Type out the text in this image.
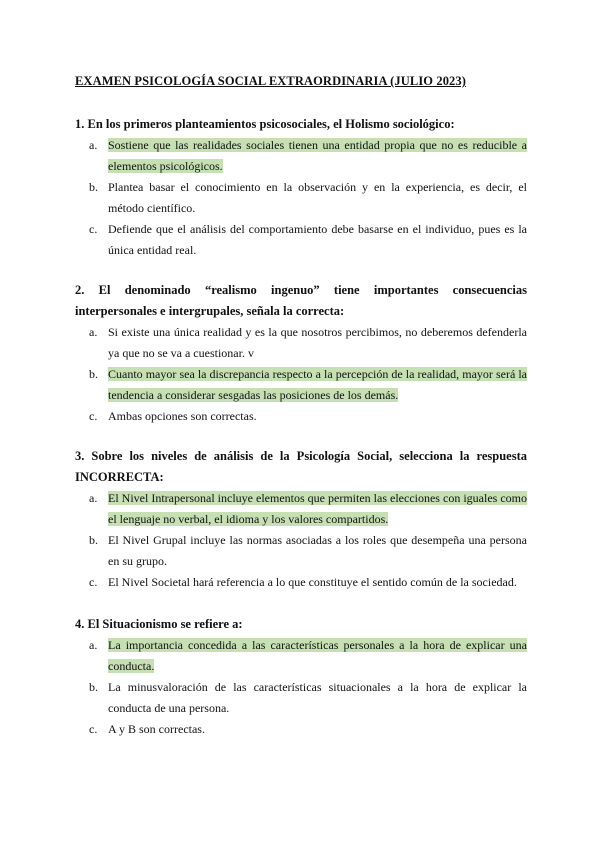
EXAMEN PSICOLOGÍA SOCIAL EXTRAORDINARIA (JULIO 2023)
1. En los primeros planteamientos psicosociales, el Holismo sociológico:
a. Sostiene que las realidades sociales tienen una entidad propia que no es reducible a elementos psicológicos.
b. Plantea basar el conocimiento en la observación y en la experiencia, es decir, el método científico.
c. Defiende que el análisis del comportamiento debe basarse en el individuo, pues es la única entidad real.
2. El denominado “realismo ingenuo” tiene importantes consecuencias interpersonales e intergrupales, señala la correcta:
a. Si existe una única realidad y es la que nosotros percibimos, no deberemos defenderla ya que no se va a cuestionar. v
b. Cuanto mayor sea la discrepancia respecto a la percepción de la realidad, mayor será la tendencia a considerar sesgadas las posiciones de los demás.
c. Ambas opciones son correctas.
3. Sobre los niveles de análisis de la Psicología Social, selecciona la respuesta INCORRECTA:
a. El Nivel Intrapersonal incluye elementos que permiten las elecciones con iguales como el lenguaje no verbal, el idioma y los valores compartidos.
b. El Nivel Grupal incluye las normas asociadas a los roles que desempeña una persona en su grupo.
c. El Nivel Societal hará referencia a lo que constituye el sentido común de la sociedad.
4. El Situacionismo se refiere a:
a. La importancia concedida a las características personales a la hora de explicar una conducta.
b. La minusvaloración de las características situacionales a la hora de explicar la conducta de una persona.
c. A y B son correctas.
